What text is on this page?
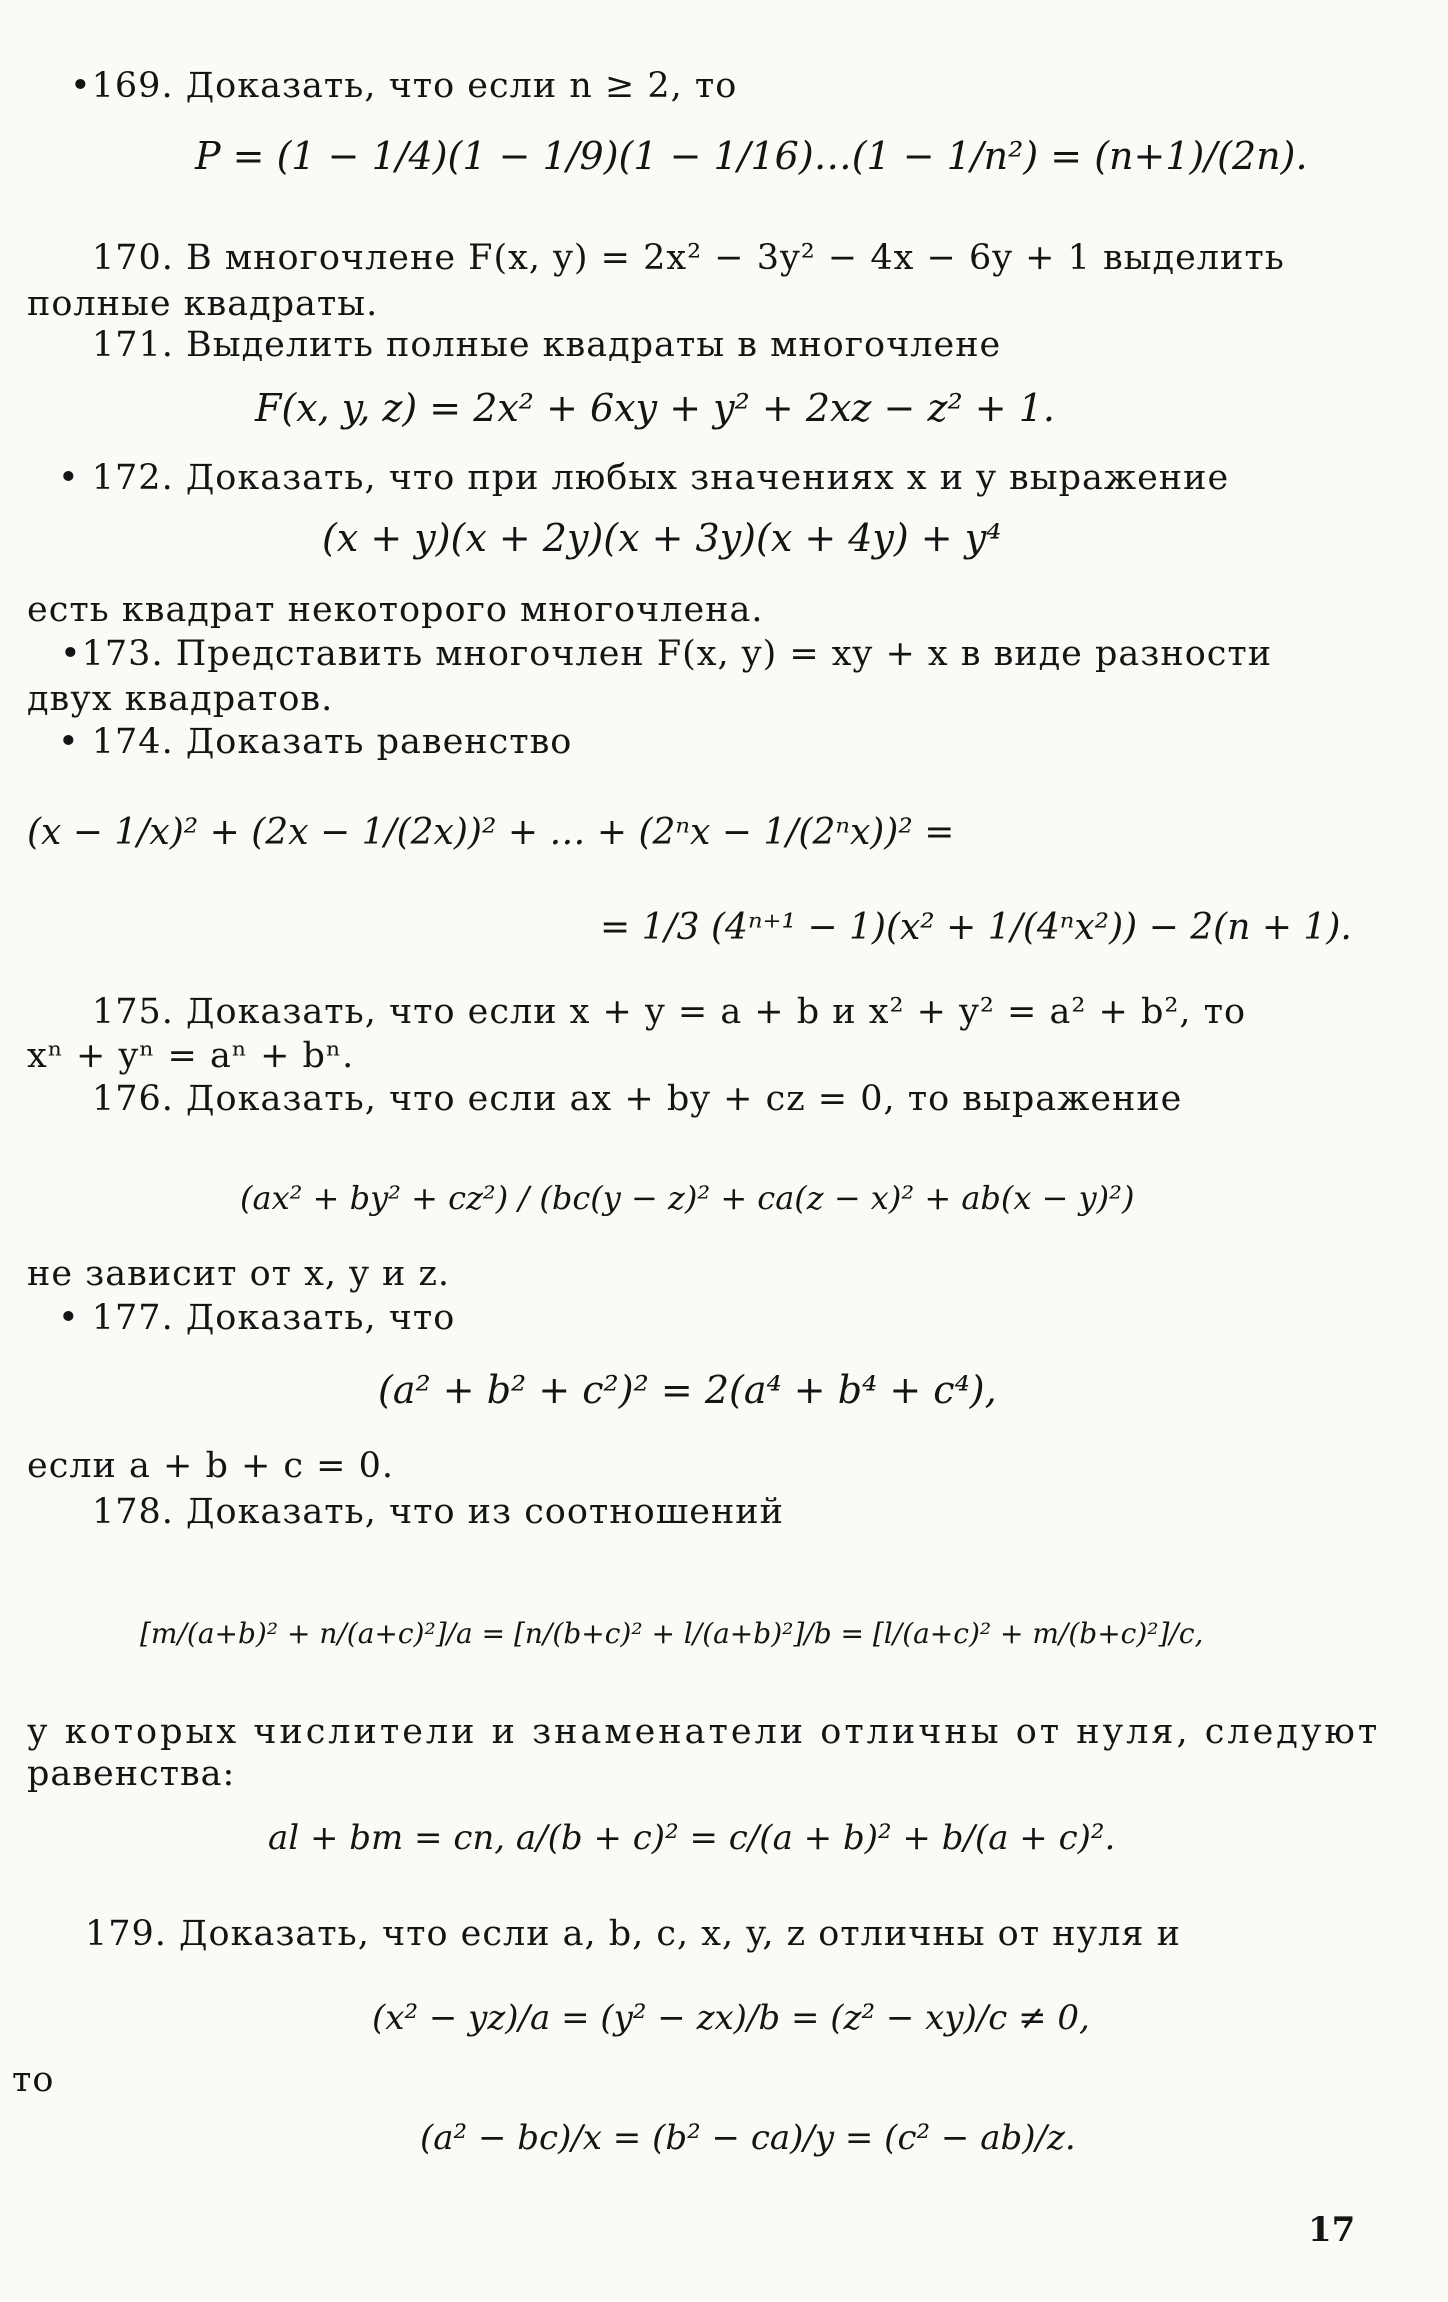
•169. Доказать, что если n ≥ 2, то
P = (1 − 1/4)(1 − 1/9)(1 − 1/16)…(1 − 1/n²) = (n+1)/(2n).
170. В многочлене F(x, y) = 2x² − 3y² − 4x − 6y + 1 выделить
полные квадраты.
171. Выделить полные квадраты в многочлене
F(x, y, z) = 2x² + 6xy + y² + 2xz − z² + 1.
• 172. Доказать, что при любых значениях x и y выражение
(x + y)(x + 2y)(x + 3y)(x + 4y) + y⁴
есть квадрат некоторого многочлена.
•173. Представить многочлен F(x, y) = xy + x в виде разности
двух квадратов.
• 174. Доказать равенство
(x − 1/x)² + (2x − 1/(2x))² + … + (2ⁿx − 1/(2ⁿx))² =
= 1/3 (4ⁿ⁺¹ − 1)(x² + 1/(4ⁿx²)) − 2(n + 1).
175. Доказать, что если x + y = a + b и x² + y² = a² + b², то
xⁿ + yⁿ = aⁿ + bⁿ.
176. Доказать, что если ax + by + cz = 0, то выражение
(ax² + by² + cz²) / (bc(y − z)² + ca(z − x)² + ab(x − y)²)
не зависит от x, y и z.
• 177. Доказать, что
(a² + b² + c²)² = 2(a⁴ + b⁴ + c⁴),
если a + b + c = 0.
178. Доказать, что из соотношений
[m/(a+b)² + n/(a+c)²]/a = [n/(b+c)² + l/(a+b)²]/b = [l/(a+c)² + m/(b+c)²]/c,
у которых числители и знаменатели отличны от нуля, следуют
равенства:
al + bm = cn, a/(b + c)² = c/(a + b)² + b/(a + c)².
179. Доказать, что если a, b, c, x, y, z отличны от нуля и
(x² − yz)/a = (y² − zx)/b = (z² − xy)/c ≠ 0,
то
(a² − bc)/x = (b² − ca)/y = (c² − ab)/z.
17
